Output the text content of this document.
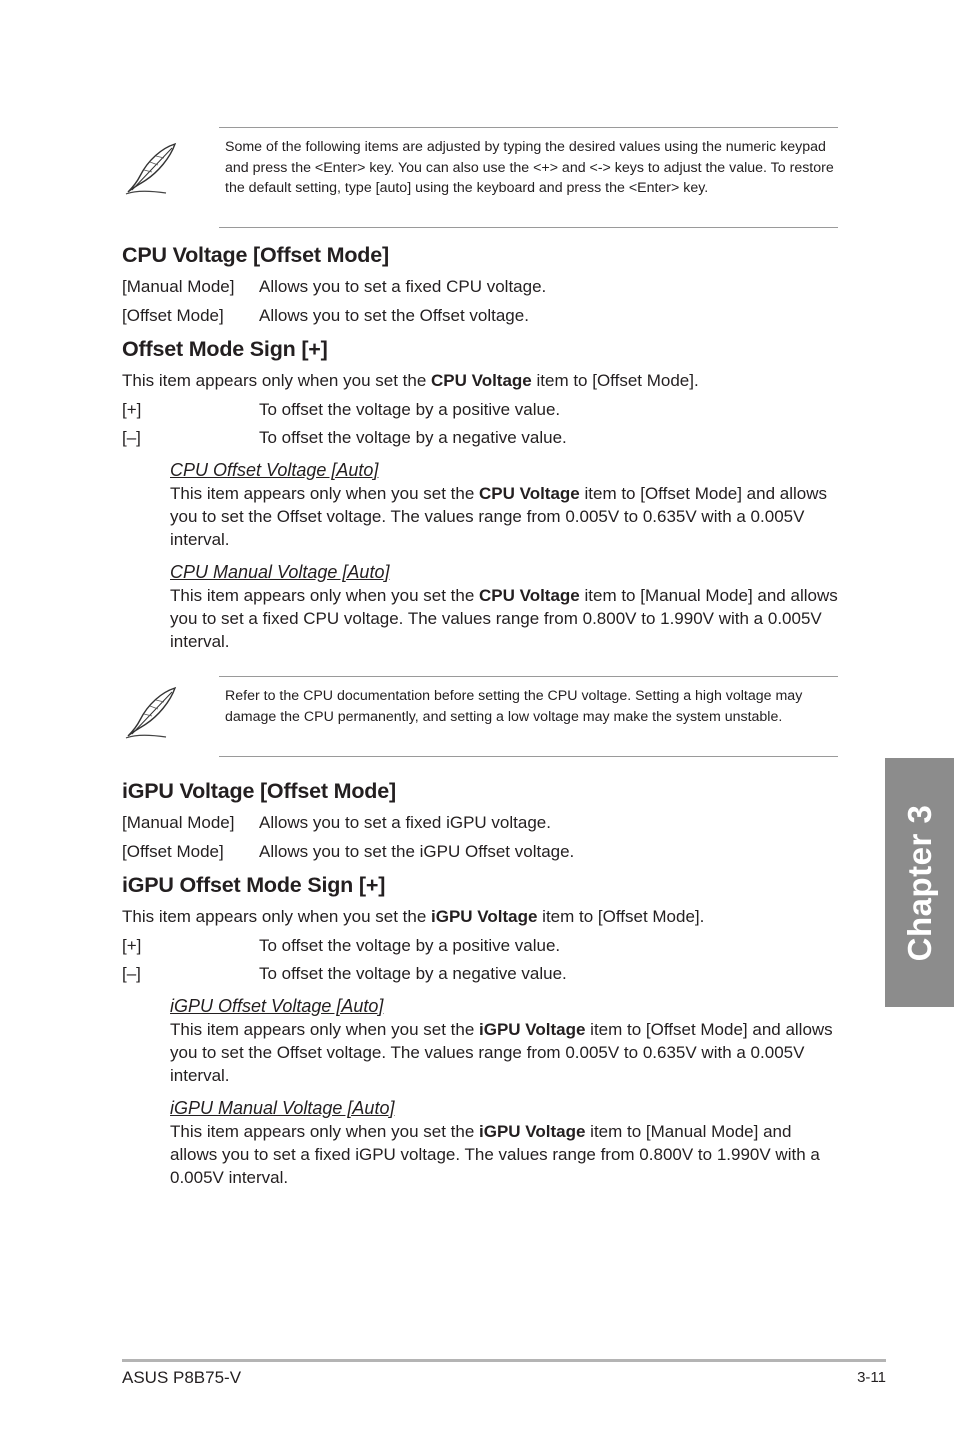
Some of the following items are adjusted by typing the desired values using the numeric keypad and press the <Enter> key. You can also use the <+> and <-> keys to adjust the value. To restore the default setting, type [auto] using the keyboard and press the <Enter> key.

CPU Voltage [Offset Mode]
[Manual Mode] Allows you to set a fixed CPU voltage.
[Offset Mode] Allows you to set the Offset voltage.
Offset Mode Sign [+]
This item appears only when you set the CPU Voltage item to [Offset Mode].
[+]	To offset the voltage by a positive value.
[–]	To offset the voltage by a negative value.
CPU Offset Voltage [Auto]

This item appears only when you set the CPU Voltage item to [Offset Mode] and allows you to set the Offset voltage. The values range from 0.005V to 0.635V with a 0.005V interval.

CPU Manual Voltage [Auto]

This item appears only when you set the CPU Voltage item to [Manual Mode] and allows you to set a fixed CPU voltage. The values range from 0.800V to 1.990V with a 0.005V interval.

Refer to the CPU documentation before setting the CPU voltage. Setting a high voltage may damage the CPU permanently, and setting a low voltage may make the system unstable.

iGPU Voltage [Offset Mode]
[Manual Mode] Allows you to set a fixed iGPU voltage.
[Offset Mode] Allows you to set the iGPU Offset voltage.
iGPU Offset Mode Sign [+]
This item appears only when you set the iGPU Voltage item to [Offset Mode].
[+]	To offset the voltage by a positive value.
[–]	To offset the voltage by a negative value.
iGPU Offset Voltage [Auto]

This item appears only when you set the iGPU Voltage item to [Offset Mode] and allows you to set the Offset voltage. The values range from 0.005V to 0.635V with a 0.005V interval.

iGPU Manual Voltage [Auto]

This item appears only when you set the iGPU Voltage item to [Manual Mode] and allows you to set a fixed iGPU voltage. The values range from 0.800V to 1.990V with a 0.005V interval.

Chapter 3
ASUS P8B75-V	3-11
